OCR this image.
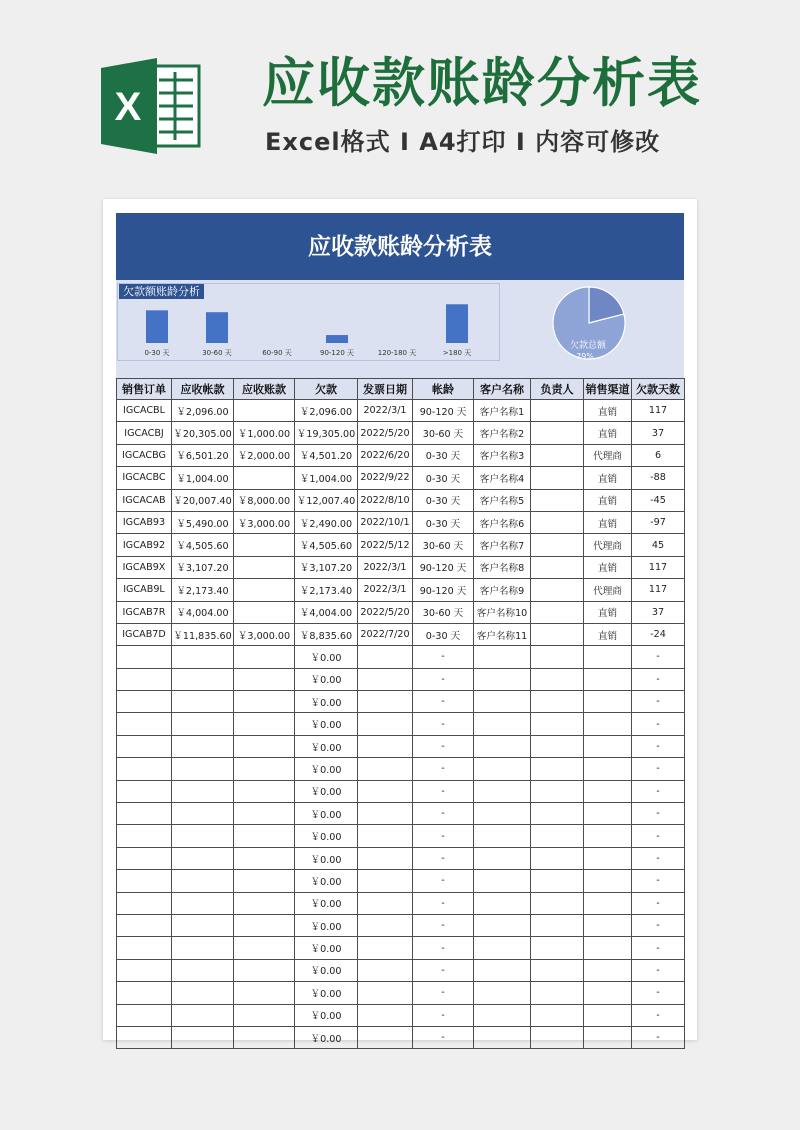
X 应收款账龄分析表
Excel格式 Ⅰ A4打印 Ⅰ 内容可修改
应收款账龄分析表
0-30 天	30-60 天	60-90 天	90-120 天	120-180 天	>180 天
欠款额账龄分析
欠款总额
79%
销售订单	应收帐款	应收账款	欠款	发票日期	帐龄	客户名称	负责人	销售渠道	欠款天数
IGCACBL	￥2,096.00		￥2,096.00	2022/3/1	90-120 天	客户名称1		直销	117
IGCACBJ	￥20,305.00	￥1,000.00	￥19,305.00	2022/5/20	30-60 天	客户名称2		直销	37
IGCACBG	￥6,501.20	￥2,000.00	￥4,501.20	2022/6/20	0-30 天	客户名称3		代理商	6
IGCACBC	￥1,004.00		￥1,004.00	2022/9/22	0-30 天	客户名称4		直销	-88
IGCACAB	￥20,007.40	￥8,000.00	￥12,007.40	2022/8/10	0-30 天	客户名称5		直销	-45
IGCAB93	￥5,490.00	￥3,000.00	￥2,490.00	2022/10/1	0-30 天	客户名称6		直销	-97
IGCAB92	￥4,505.60		￥4,505.60	2022/5/12	30-60 天	客户名称7		代理商	45
IGCAB9X	￥3,107.20		￥3,107.20	2022/3/1	90-120 天	客户名称8		直销	117
IGCAB9L	￥2,173.40		￥2,173.40	2022/3/1	90-120 天	客户名称9		代理商	117
IGCAB7R	￥4,004.00		￥4,004.00	2022/5/20	30-60 天	客户名称10		直销	37
IGCAB7D	￥11,835.60	￥3,000.00	￥8,835.60	2022/7/20	0-30 天	客户名称11		直销	-24
			￥0.00		-				-
			￥0.00		-				-
			￥0.00		-				-
			￥0.00		-				-
			￥0.00		-				-
			￥0.00		-				-
			￥0.00		-				-
			￥0.00		-				-
			￥0.00		-				-
			￥0.00		-				-
			￥0.00		-				-
			￥0.00		-				-
			￥0.00		-				-
			￥0.00		-				-
			￥0.00		-				-
			￥0.00		-				-
			￥0.00		-				-
			￥0.00		-				-
